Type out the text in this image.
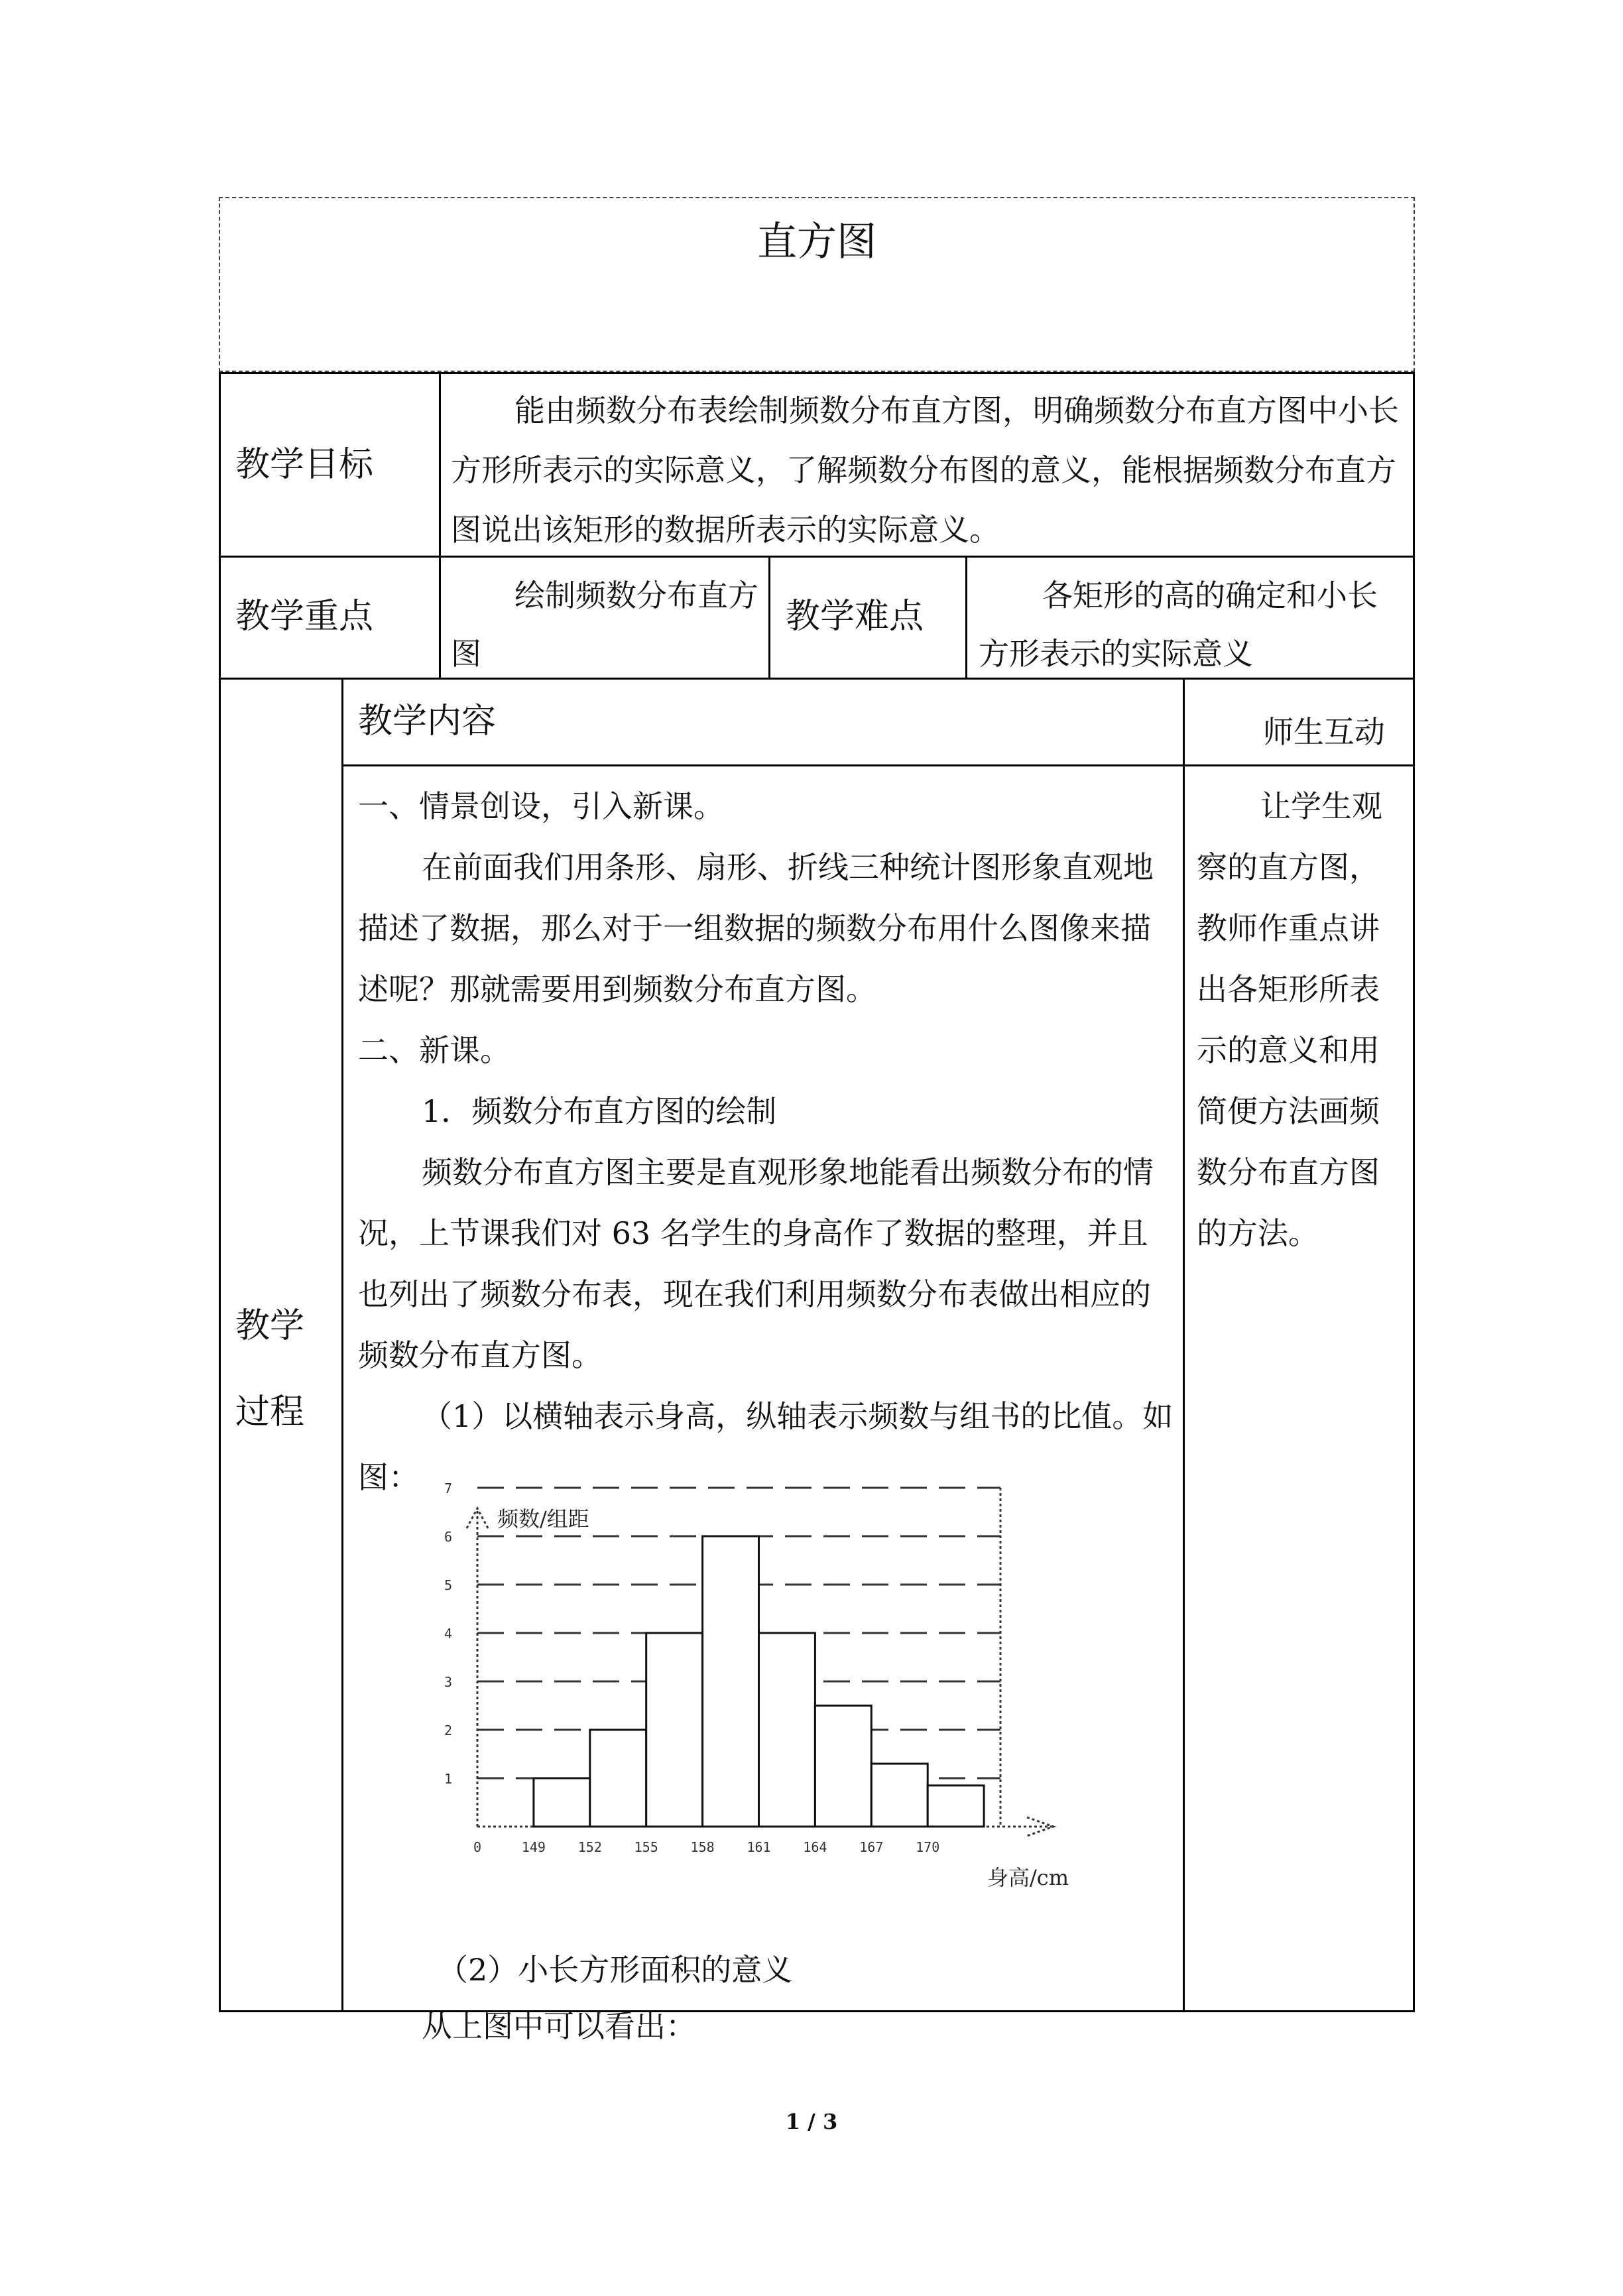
直方图
教学目标
能由频数分布表绘制频数分布直方图，明确频数分布直方图中小长方形所表示的实际意义，了解频数分布图的意义，能根据频数分布直方图说出该矩形的数据所表示的实际意义。
教学重点
绘制频数分布直方图
教学难点
各矩形的高的确定和小长方形表示的实际意义
教学
过程
教学内容	师生互动

一、情景创设，引入新课。

在前面我们用条形、扇形、折线三种统计图形象直观地描述了数据，那么对于一组数据的频数分布用什么图像来描述呢？那就需要用到频数分布直方图。

二、新课。

1．频数分布直方图的绘制

频数分布直方图主要是直观形象地能看出频数分布的情况，上节课我们对 63 名学生的身高作了数据的整理，并且也列出了频数分布表，现在我们利用频数分布表做出相应的频数分布直方图。

（1）以横轴表示身高，纵轴表示频数与组书的比值。如图：

让学生观察的直方图，教师作重点讲出各矩形所表示的意义和用简便方法画频数分布直方图的方法。
1
2
3
4
5
6
7
频数/组距
身高/cm
0	149 152 155 158 161 164 167 170
（2）小长方形面积的意义
从上图中可以看出：
1 / 3
